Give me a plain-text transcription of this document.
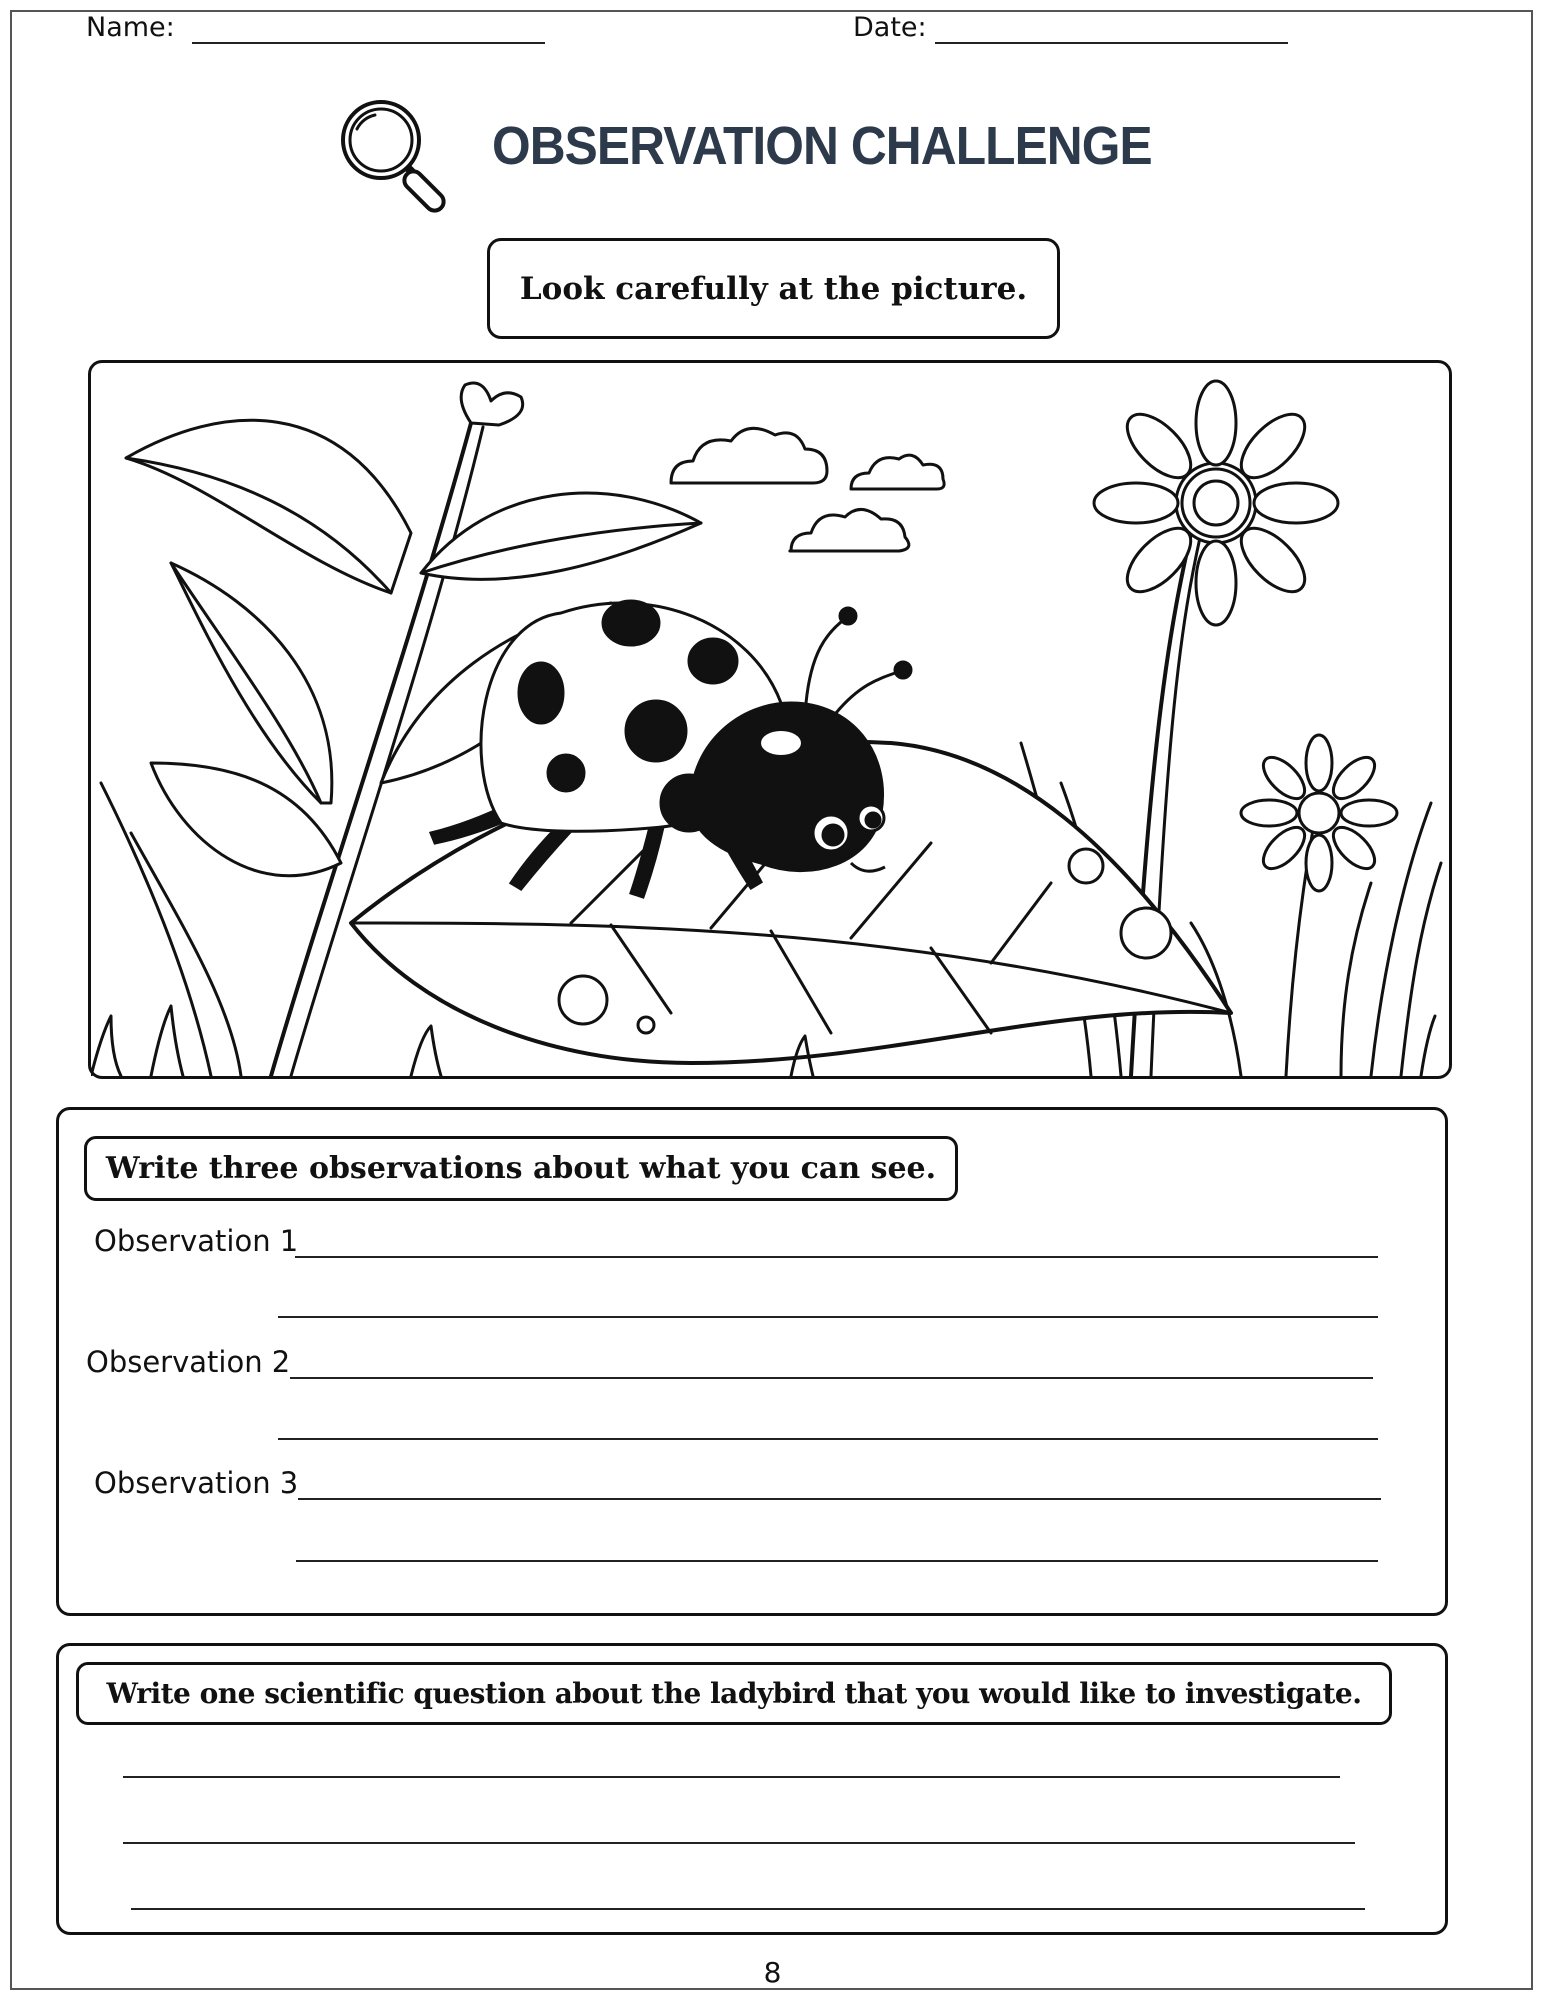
Name:	Date:
OBSERVATION CHALLENGE
Look carefully at the picture.
Write three observations about what you can see.
Observation 1
Observation 2
Observation 3
Write one scientific question about the ladybird that you would like to investigate.
8
